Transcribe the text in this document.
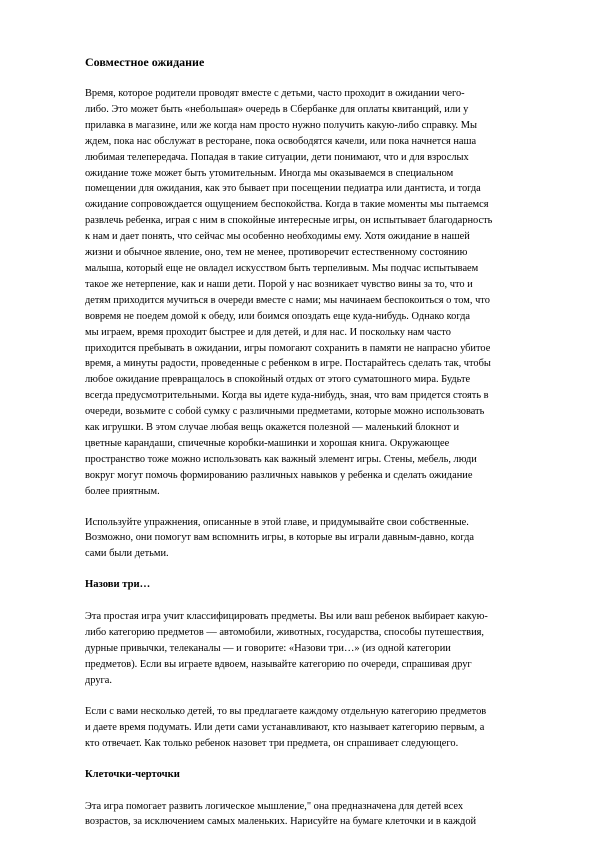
Совместное ожидание
Время, которое родители проводят вместе с детьми, часто проходит в ожидании чего-
либо. Это может быть «небольшая» очередь в Сбербанке для оплаты квитанций, или у
прилавка в магазине, или же когда нам просто нужно получить какую-либо справку. Мы
ждем, пока нас обслужат в ресторане, пока освободятся качели, или пока начнется наша
любимая телепередача. Попадая в такие ситуации, дети понимают, что и для взрослых
ожидание тоже может быть утомительным. Иногда мы оказываемся в специальном
помещении для ожидания, как это бывает при посещении педиатра или дантиста, и тогда
ожидание сопровождается ощущением беспокойства. Когда в такие моменты мы пытаемся
развлечь ребенка, играя с ним в спокойные интересные игры, он испытывает благодарность
к нам и дает понять, что сейчас мы особенно необходимы ему. Хотя ожидание в нашей
жизни и обычное явление, оно, тем не менее, противоречит естественному состоянию
малыша, который еще не овладел искусством быть терпеливым. Мы подчас испытываем
такое же нетерпение, как и наши дети. Порой у нас возникает чувство вины за то, что и
детям приходится мучиться в очереди вместе с нами; мы начинаем беспокоиться о том, что
вовремя не поедем домой к обеду, или боимся опоздать еще куда-нибудь. Однако когда
мы играем, время проходит быстрее и для детей, и для нас. И поскольку нам часто
приходится пребывать в ожидании, игры помогают сохранить в памяти не напрасно убитое
время, а минуты радости, проведенные с ребенком в игре. Постарайтесь сделать так, чтобы
любое ожидание превращалось в спокойный отдых от этого суматошного мира. Будьте
всегда предусмотрительными. Когда вы идете куда-нибудь, зная, что вам придется стоять в
очереди, возьмите с собой сумку с различными предметами, которые можно использовать
как игрушки. В этом случае любая вещь окажется полезной — маленький блокнот и
цветные карандаши, спичечные коробки-машинки и хорошая книга. Окружающее
пространство тоже можно использовать как важный элемент игры. Стены, мебель, люди
вокруг могут помочь формированию различных навыков у ребенка и сделать ожидание
более приятным.
Используйте упражнения, описанные в этой главе, и придумывайте свои собственные.
Возможно, они помогут вам вспомнить игры, в которые вы играли давным-давно, когда
сами были детьми.
Назови три…
Эта простая игра учит классифицировать предметы. Вы или ваш ребенок выбирает какую-
либо категорию предметов — автомобили, животных, государства, способы путешествия,
дурные привычки, телеканалы — и говорите: «Назови три…» (из одной категории
предметов). Если вы играете вдвоем, называйте категорию по очереди, спрашивая друг
друга.
Если с вами несколько детей, то вы предлагаете каждому отдельную категорию предметов
и даете время подумать. Или дети сами устанавливают, кто называет категорию первым, а
кто отвечает. Как только ребенок назовет три предмета, он спрашивает следующего.
Клеточки-черточки
Эта игра помогает развить логическое мышление," она предназначена для детей всех
возрастов, за исключением самых маленьких. Нарисуйте на бумаге клеточки и в каждой
